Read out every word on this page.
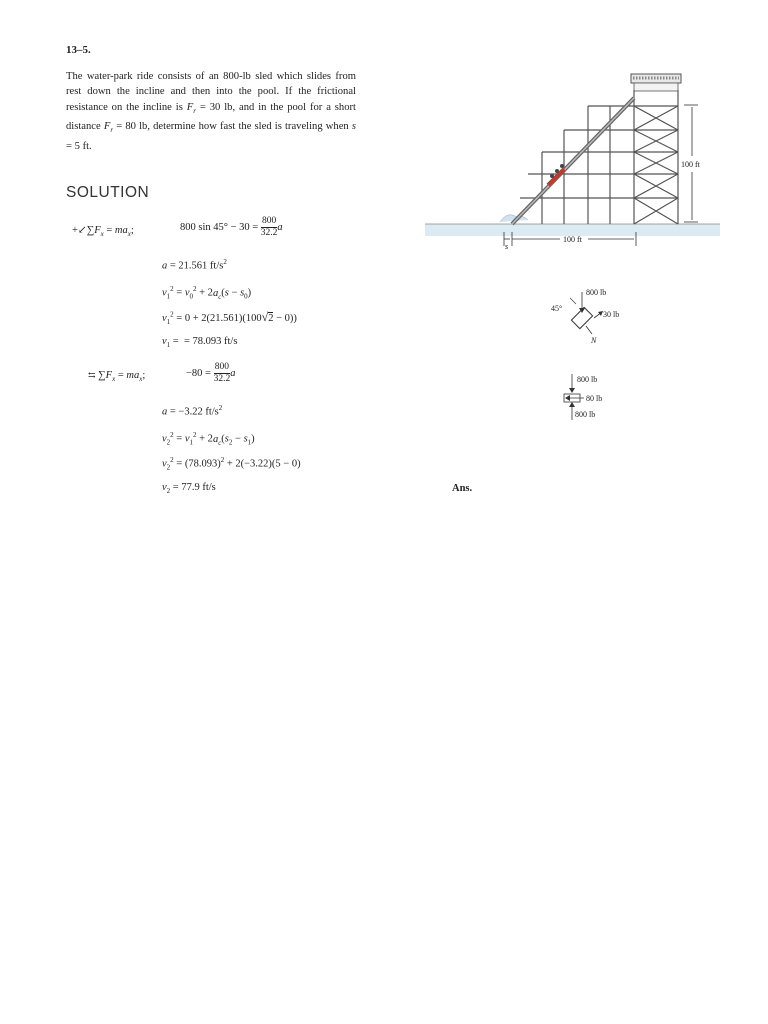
13–5.
The water-park ride consists of an 800-lb sled which slides from rest down the incline and then into the pool. If the frictional resistance on the incline is $F_r = 30$ lb, and in the pool for a short distance $F_r = 80$ lb, determine how fast the sled is traveling when s = 5 ft.
SOLUTION
$+↙\sum F_x = ma_x$;	800 $\sin 45^\circ - 30 = \frac{800}{32.2}$ a
a = 21.561 $ft/s^2$
$v_1^2 = v_0^2 + 2a_c(s - s_0)$
$v_1^2 = 0 + 2(21.561)(100√2 - 0)$)
$v_1$ =  = 78.093 ft/s
⇆ $\sum F_x = ma_x$;	$-80 = \frac{800}{32.2}$ a
a = −3.22 $ft/s^2$
$v_2^2 = v_1^2 + 2a_c(s_2 - s_1)$
$v_2^2 = (78.093)^2 + 2(-3.22)(5 - 0)$
$v_2 = 77.9$ ft/s	Ans.
100 ft
100 ft
s
800 lb
45°
30 lb
N
800 lb
80 lb
800 lb
